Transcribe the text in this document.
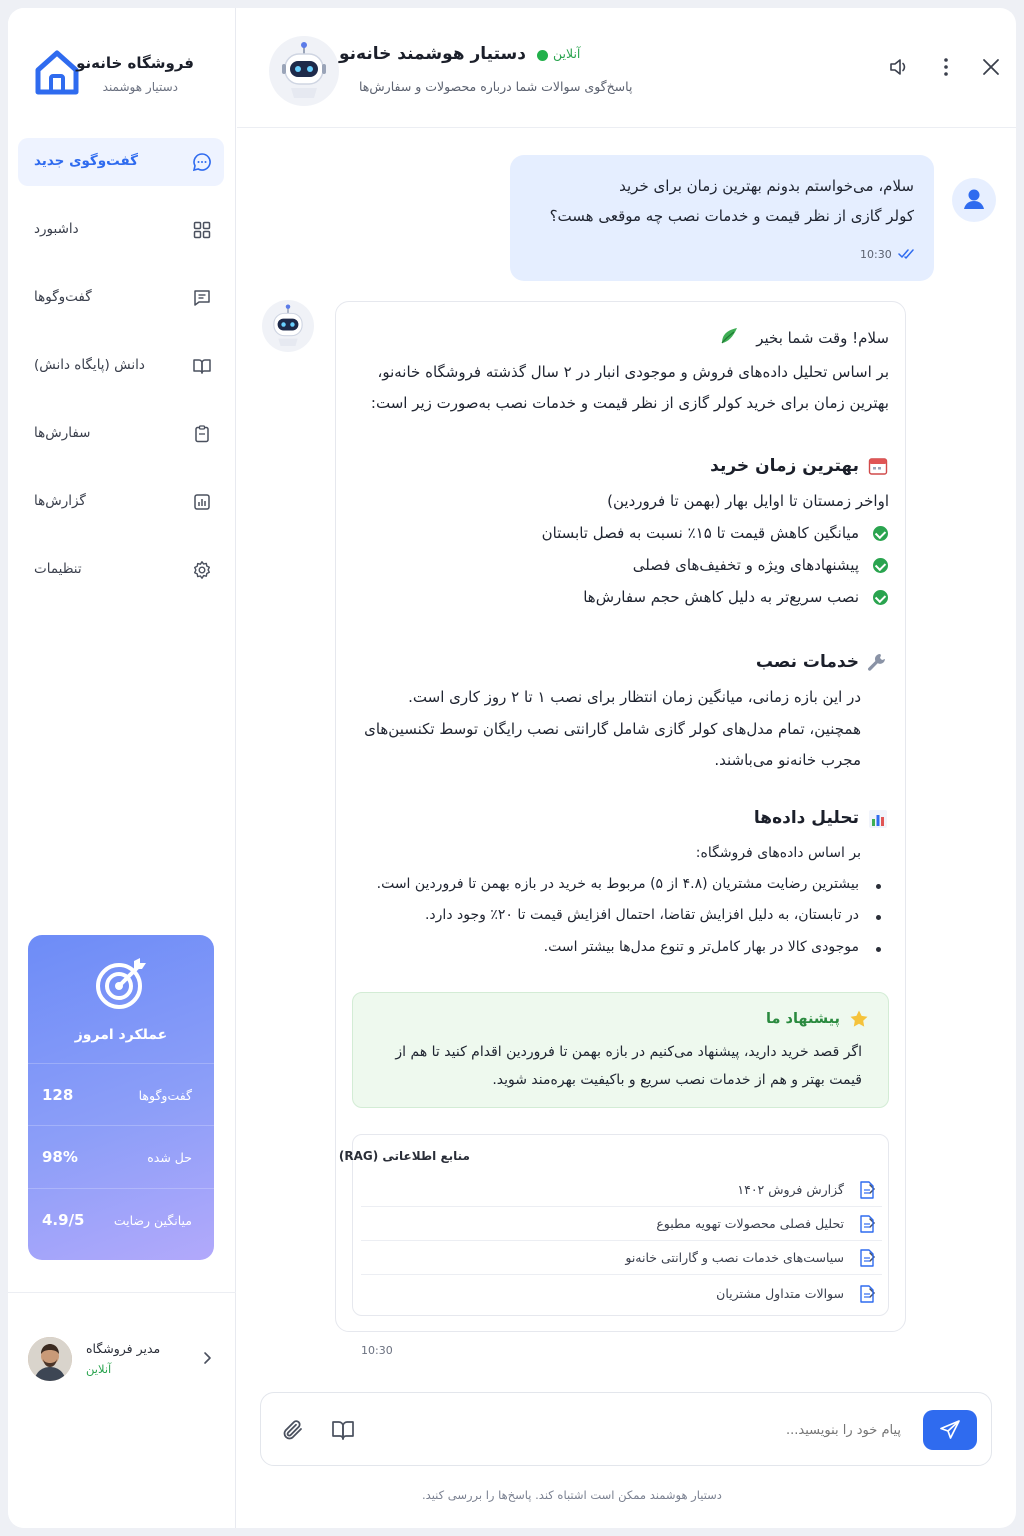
فروشگاه خانه‌نو
دستیار هوشمند
گفت‌وگوی جدید
داشبورد
گفت‌وگوها
دانش (پایگاه دانش)
سفارش‌ها
گزارش‌ها
تنظیمات
عملکرد امروز
گفت‌وگوها
128
حل شده
98%
میانگین رضایت
4.9/5
مدیر فروشگاه
آنلاین
دستیار هوشمند خانه‌نو آنلاین
پاسخ‌گوی سوالات شما درباره محصولات و سفارش‌ها
سلام، می‌خواستم بدونم بهترین زمان برای خرید
کولر گازی از نظر قیمت و خدمات نصب چه موقعی هست؟
10:30
سلام! وقت شما بخیر
بر اساس تحلیل داده‌های فروش و موجودی انبار در ۲ سال گذشته فروشگاه خانه‌نو،
بهترین زمان برای خرید کولر گازی از نظر قیمت و خدمات نصب به‌صورت زیر است:
بهترین زمان خرید
اواخر زمستان تا اوایل بهار (بهمن تا فروردین)
میانگین کاهش قیمت تا ۱۵٪ نسبت به فصل تابستان
پیشنهادهای ویژه و تخفیف‌های فصلی
نصب سریع‌تر به دلیل کاهش حجم سفارش‌ها
خدمات نصب
در این بازه زمانی، میانگین زمان انتظار برای نصب ۱ تا ۲ روز کاری است.
همچنین، تمام مدل‌های کولر گازی شامل گارانتی نصب رایگان توسط تکنسین‌های
مجرب خانه‌نو می‌باشند.
تحلیل داده‌ها
بر اساس داده‌های فروشگاه:
بیشترین رضایت مشتریان (۴.۸ از ۵) مربوط به خرید در بازه بهمن تا فروردین است.
در تابستان، به دلیل افزایش تقاضا، احتمال افزایش قیمت تا ۲۰٪ وجود دارد.
موجودی کالا در بهار کامل‌تر و تنوع مدل‌ها بیشتر است.
پیشنهاد ما
اگر قصد خرید دارید، پیشنهاد می‌کنیم در بازه بهمن تا فروردین اقدام کنید تا هم از
قیمت بهتر و هم از خدمات نصب سریع و باکیفیت بهره‌مند شوید.
منابع اطلاعاتی (RAG)
گزارش فروش ۱۴۰۲
تحلیل فصلی محصولات تهویه مطبوع
سیاست‌های خدمات نصب و گارانتی خانه‌نو
سوالات متداول مشتریان
10:30
پیام خود را بنویسید...
دستیار هوشمند ممکن است اشتباه کند. پاسخ‌ها را بررسی کنید.
